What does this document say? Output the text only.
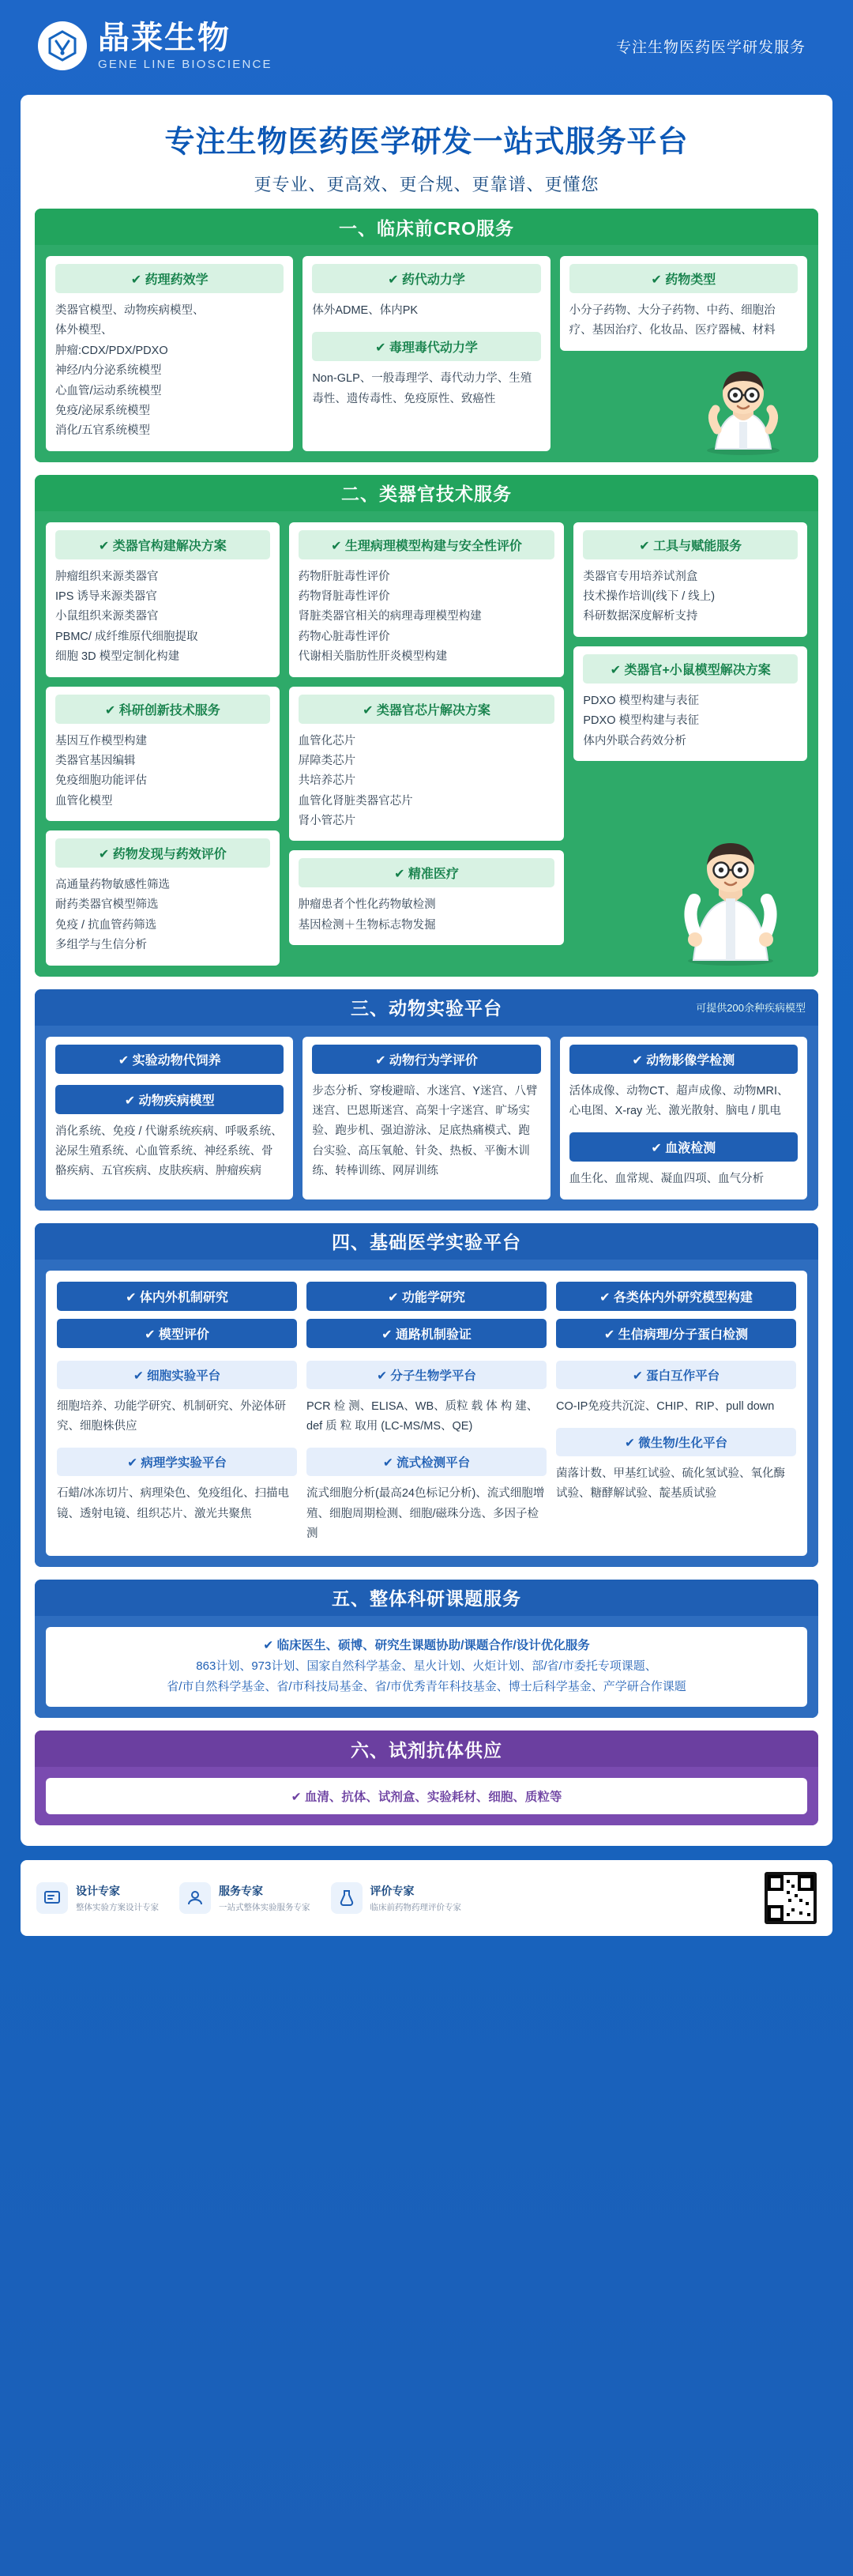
晶莱生物
GENE LINE BIOSCIENCE
专注生物医药医学研发服务
专注生物医药医学研发一站式服务平台
更专业、更高效、更合规、更靠谱、更懂您
一、临床前CRO服务
✔ 药理药效学
类器官模型、动物疾病模型、
体外模型、
肿瘤:CDX/PDX/PDXO
神经/内分泌系统模型
心血管/运动系统模型
免疫/泌尿系统模型
消化/五官系统模型
✔ 药代动力学
体外ADME、体内PK
✔ 毒理毒代动力学
Non-GLP、一般毒理学、毒代动力学、生殖毒性、遗传毒性、免疫原性、致癌性
✔ 药物类型
小分子药物、大分子药物、中药、细胞治疗、基因治疗、化妆品、医疗器械、材料
二、类器官技术服务
✔ 类器官构建解决方案
肿瘤组织来源类器官
IPS 诱导来源类器官
小鼠组织来源类器官
PBMC/ 成纤维原代细胞提取
细胞 3D 模型定制化构建
✔ 科研创新技术服务
基因互作模型构建
类器官基因编辑
免疫细胞功能评估
血管化模型
✔ 药物发现与药效评价
高通量药物敏感性筛选
耐药类器官模型筛选
免疫 / 抗血管药筛选
多组学与生信分析
✔ 生理病理模型构建与安全性评价
药物肝脏毒性评价
药物肾脏毒性评价
肾脏类器官相关的病理毒理模型构建
药物心脏毒性评价
代谢相关脂肪性肝炎模型构建
✔ 类器官芯片解决方案
血管化芯片
屏障类芯片
共培养芯片
血管化肾脏类器官芯片
肾小管芯片
✔ 精准医疗
肿瘤患者个性化药物敏检测
基因检测＋生物标志物发掘
✔ 工具与赋能服务
类器官专用培养试剂盒
技术操作培训(线下 / 线上)
科研数据深度解析支持
✔ 类器官+小鼠模型解决方案
PDXO 模型构建与表征
PDXO 模型构建与表征
体内外联合药效分析
三、动物实验平台	可提供200余种疾病模型
✔ 实验动物代饲养
✔ 动物疾病模型
消化系统、免疫 / 代谢系统疾病、呼吸系统、泌尿生殖系统、心血管系统、神经系统、骨骼疾病、五官疾病、皮肤疾病、肿瘤疾病
✔ 动物行为学评价
步态分析、穿梭避暗、水迷宫、Y迷宫、八臂迷宫、巴恩斯迷宫、高架十字迷宫、旷场实验、跑步机、强迫游泳、足底热痛模式、跑台实验、高压氧舱、针灸、热板、平衡木训练、转棒训练、网屏训练
✔ 动物影像学检测
活体成像、动物CT、超声成像、动物MRI、心电图、X-ray 光、激光散射、脑电 / 肌电
✔ 血液检测
血生化、血常规、凝血四项、血气分析
四、基础医学实验平台
✔ 体内外机制研究	✔ 功能学研究	✔ 各类体内外研究模型构建
✔ 模型评价	✔ 通路机制验证	✔ 生信病理/分子蛋白检测
✔ 细胞实验平台
细胞培养、功能学研究、机制研究、外泌体研究、细胞株供应
✔ 病理学实验平台
石蜡/冰冻切片、病理染色、免疫组化、扫描电镜、透射电镜、组织芯片、激光共聚焦
✔ 分子生物学平台
PCR 检 测、ELISA、WB、质粒 载 体 构 建、def 质 粒 取用 (LC-MS/MS、QE)
✔ 流式检测平台
流式细胞分析(最高24色标记分析)、流式细胞增殖、细胞周期检测、细胞/磁珠分选、多因子检测
✔ 蛋白互作平台
CO-IP免疫共沉淀、CHIP、RIP、pull down
✔ 微生物/生化平台
菌落计数、甲基红试验、硫化氢试验、氧化酶试验、糖酵解试验、靛基质试验
五、整体科研课题服务
✔ 临床医生、硕博、研究生课题协助/课题合作/设计优化服务
863计划、973计划、国家自然科学基金、星火计划、火炬计划、部/省/市委托专项课题、
省/市自然科学基金、省/市科技局基金、省/市优秀青年科技基金、博士后科学基金、产学研合作课题
六、试剂抗体供应
✔ 血清、抗体、试剂盒、实验耗材、细胞、质粒等
设计专家
整体实验方案设计专家
服务专家
一站式整体实验服务专家
评价专家
临床前药物药理评价专家
